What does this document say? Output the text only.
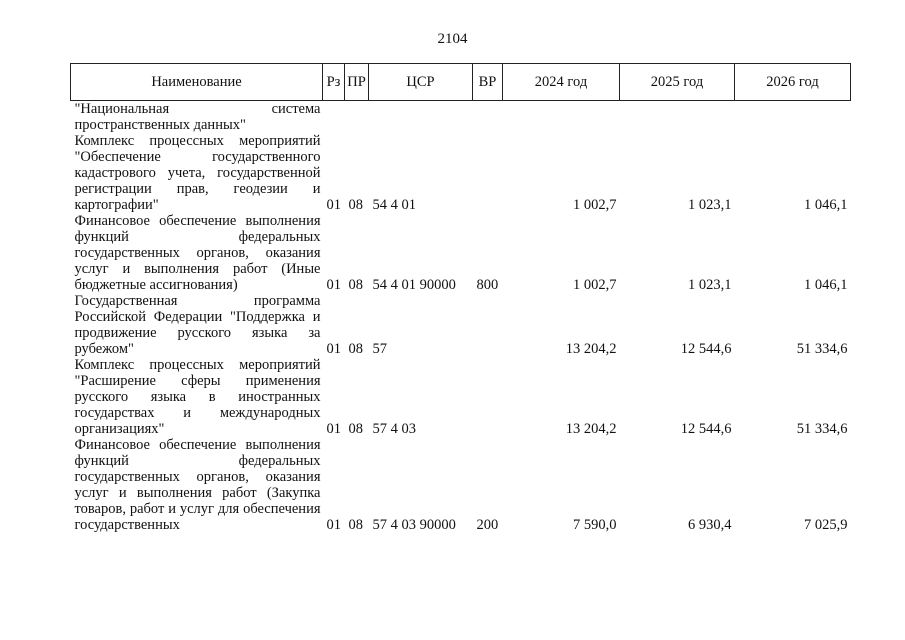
2104
Наименование	Рз	ПР	ЦСР	ВР	2024 год	2025 год	2026 год
"Национальная система пространственных данных"							
Комплекс процессных мероприятий "Обеспечение государственного кадастрового учета, государственной регистрации прав, геодезии и картографии"	01	08	54 4 01		1 002,7	1 023,1	1 046,1
Финансовое обеспечение выполнения функций федеральных государственных органов, оказания услуг и выполнения работ (Иные бюджетные ассигнования)	01	08	54 4 01 90000	800	1 002,7	1 023,1	1 046,1
Государственная программа Российской Федерации "Поддержка и продвижение русского языка за рубежом"	01	08	57		13 204,2	12 544,6	51 334,6
Комплекс процессных мероприятий "Расширение сферы применения русского языка в иностранных государствах и международных организациях"	01	08	57 4 03		13 204,2	12 544,6	51 334,6
Финансовое обеспечение выполнения функций федеральных государственных органов, оказания услуг и выполнения работ (Закупка товаров, работ и услуг для обеспечения государственных	01	08	57 4 03 90000	200	7 590,0	6 930,4	7 025,9
